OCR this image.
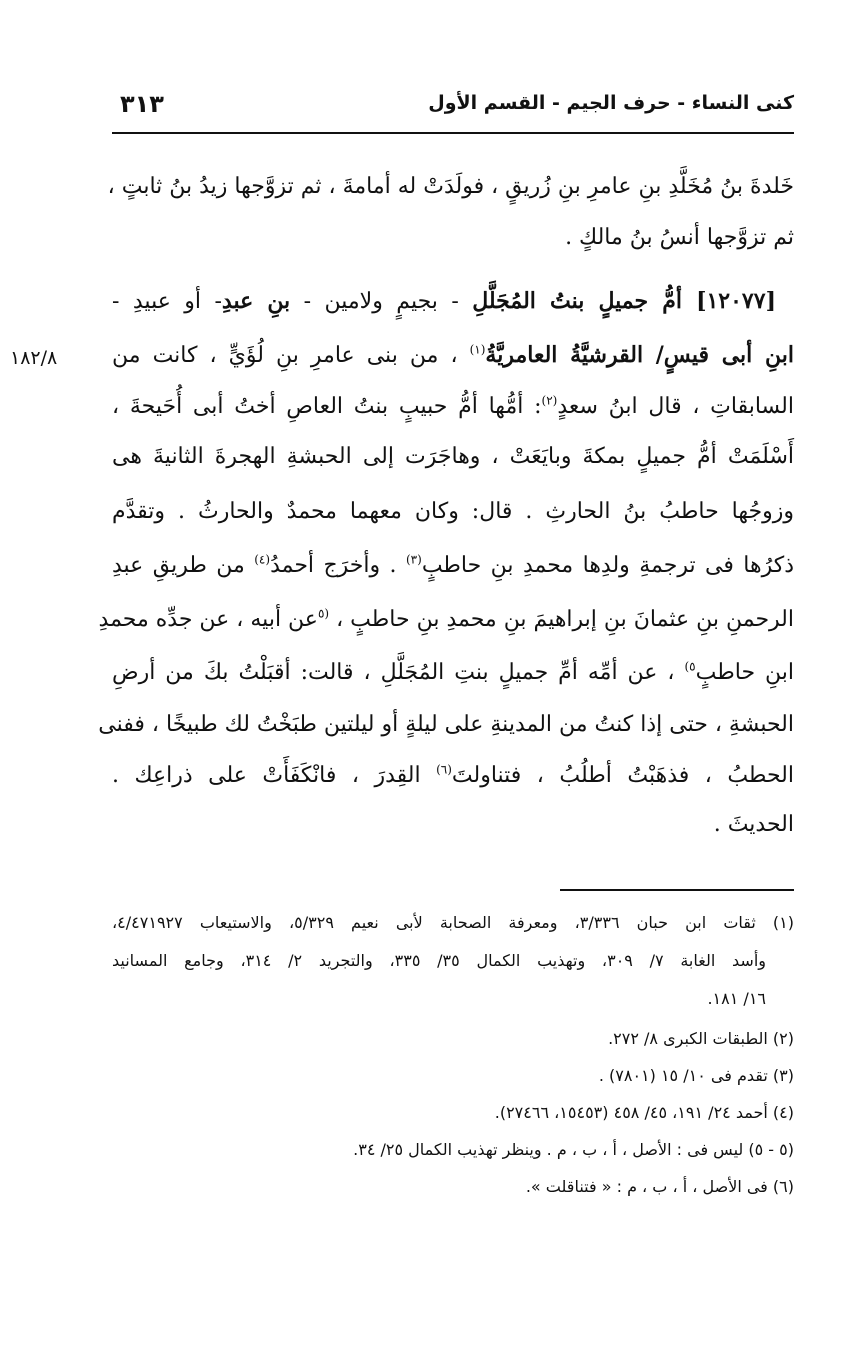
كنى النساء - حرف الجيم - القسم الأول
٣١٣
١٨٢/٨
خَلدةَ بنُ مُخَلَّدِ بنِ عامرِ بنِ زُريقٍ ، فولَدَتْ له أمامةَ ، ثم تزوَّجها زيدُ بنُ ثابتٍ ،
ثم تزوَّجها أنسُ بنُ مالكٍ .
[١٢٠٧٧] أمُّ جميلٍ بنتُ المُجَلَّلِ - بجيمٍ ولامين - بنِ عبدِ- أو عبيدِ -
ابنِ أبى قيسٍ/ القرشيَّةُ العامريَّةُ$^{(١)}$ ، من بنى عامرِ بنِ لُؤَيٍّ ، كانت من
السابقاتِ ، قال ابنُ سعدٍ$^{(٢)}$: أمُّها أمُّ حبيبٍ بنتُ العاصِ أختُ أبى أُحَيحةَ ،
أَسْلَمَتْ أمُّ جميلٍ بمكةَ وبايَعَتْ ، وهاجَرَت إلى الحبشةِ الهجرةَ الثانيةَ هى
وزوجُها حاطبُ بنُ الحارثِ . قال: وكان معهما محمدٌ والحارثُ . وتقدَّم
ذكرُها فى ترجمةِ ولدِها محمدِ بنِ حاطبٍ$^{(٣)}$ . وأخرَج أحمدُ$^{(٤)}$ من طريقِ عبدِ
الرحمنِ بنِ عثمانَ بنِ إبراهيمَ بنِ محمدِ بنِ حاطبٍ ، $^{(٥}$عن أبيه ، عن جدِّه محمدِ
ابنِ حاطبٍ$^{٥)}$ ، عن أمِّه أمِّ جميلٍ بنتِ المُجَلَّلِ ، قالت: أقبَلْتُ بكَ من أرضِ
الحبشةِ ، حتى إذا كنتُ من المدينةِ على ليلةٍ أو ليلتين طبَخْتُ لك طبيخًا ، ففنى
الحطبُ ، فذهَبْتُ أطلُبُ ، فتناولتَ$^{(٦)}$ القِدرَ ، فانْكَفَأَتْ على ذراعِك .
الحديثَ .
(١) ثقات ابن حبان ٣/٣٣٦، ومعرفة الصحابة لأبى نعيم ٥/٣٢٩، والاستيعاب ٤/٤٧١٩٢٧،
وأسد الغابة ٧/ ٣٠٩، وتهذيب الكمال ٣٥/ ٣٣٥، والتجريد ٢/ ٣١٤، وجامع المسانيد
١٦/ ١٨١.
(٢) الطبقات الكبرى ٨/ ٢٧٢.
(٣) تقدم فى ١٠/ ١٥ (٧٨٠١) .
(٤) أحمد ٢٤/ ١٩١، ٤٥/ ٤٥٨ (١٥٤٥٣، ٢٧٤٦٦).
(٥ - ٥) ليس فى : الأصل ، أ ، ب ، م . وينظر تهذيب الكمال ٢٥/ ٣٤.
(٦) فى الأصل ، أ ، ب ، م : « فتناقلت ».
